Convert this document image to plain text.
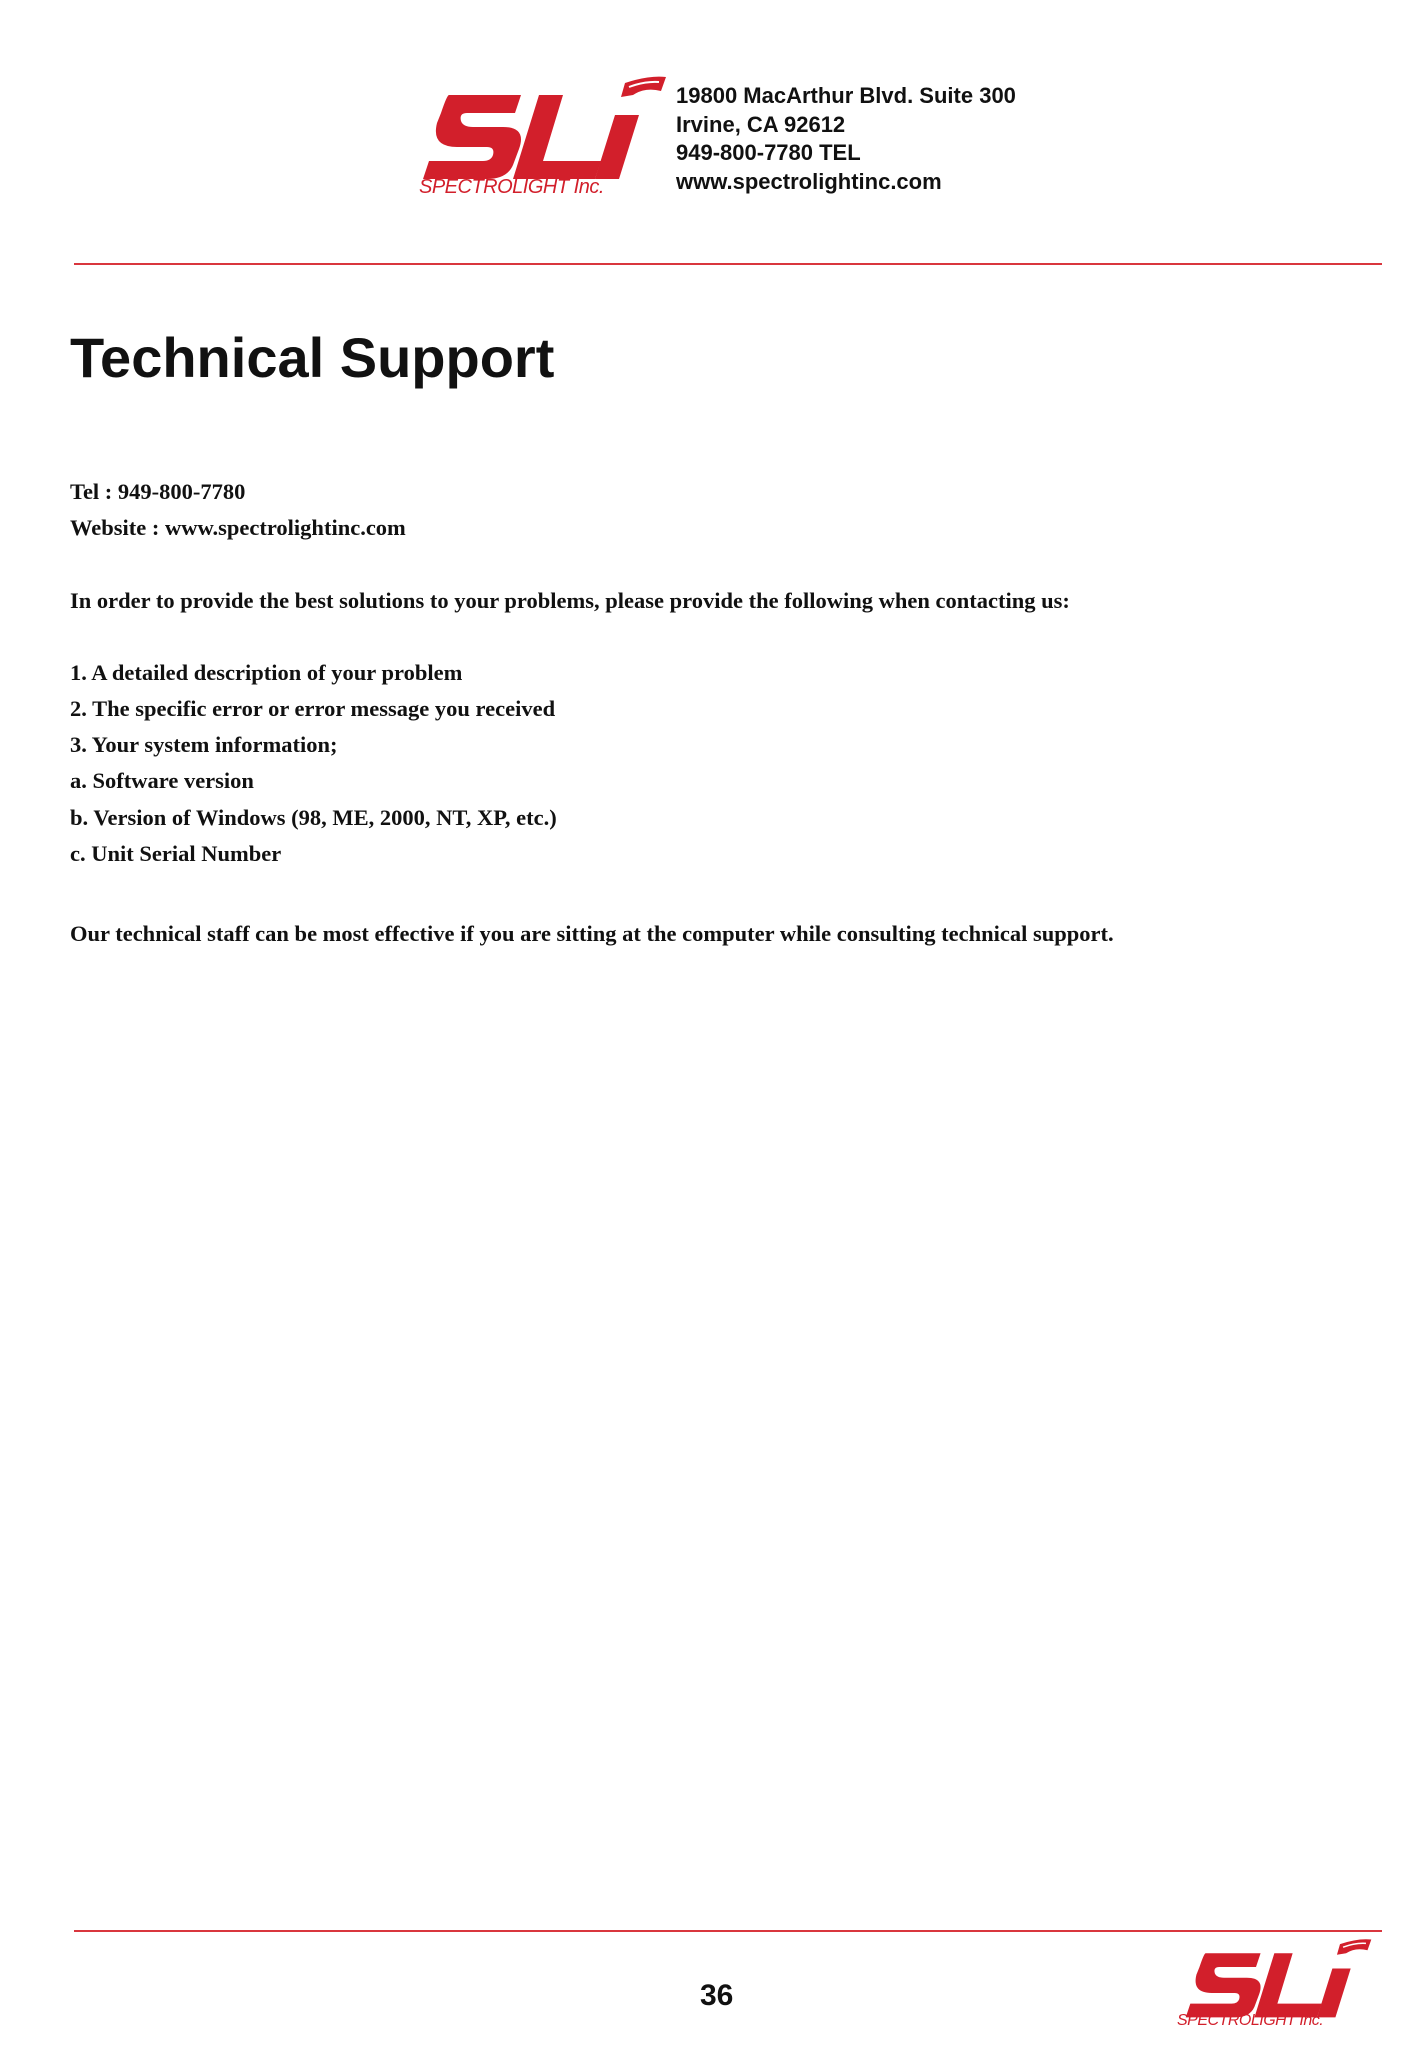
SPECTROLIGHT Inc.
19800 MacArthur Blvd. Suite 300
Irvine, CA 92612
949-800-7780 TEL
www.spectrolightinc.com
Technical Support
Tel : 949-800-7780
Website : www.spectrolightinc.com
In order to provide the best solutions to your problems, please provide the following when contacting us:
1. A detailed description of your problem
2. The specific error or error message you received
3. Your system information;
a. Software version
b. Version of Windows (98, ME, 2000, NT, XP, etc.)
c. Unit Serial Number
Our technical staff can be most effective if you are sitting at the computer while consulting technical support.
36
SPECTROLIGHT Inc.
